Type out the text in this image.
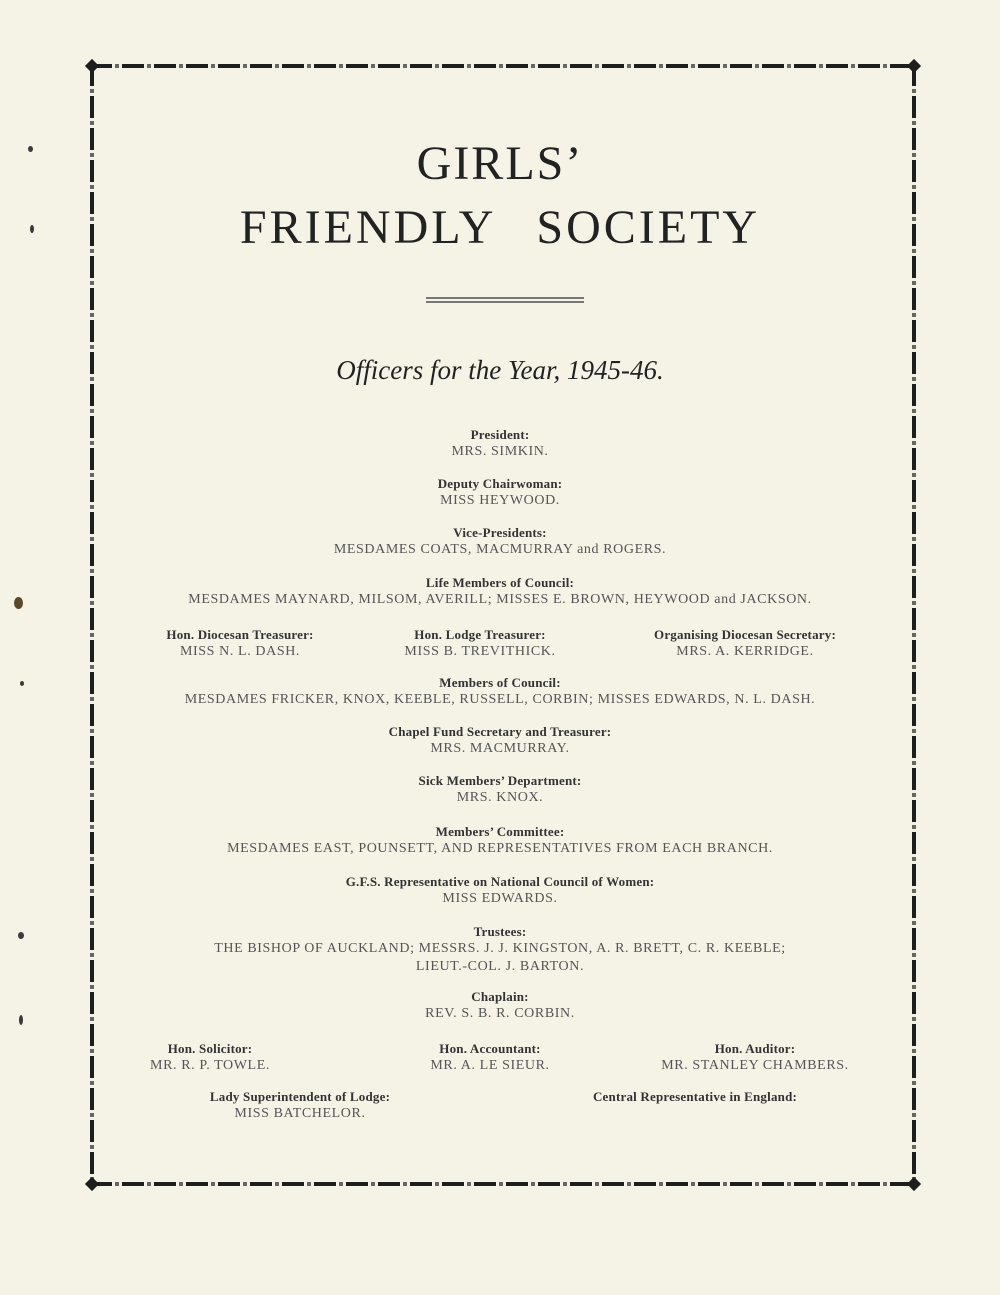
GIRLS’
FRIENDLY SOCIETY
Officers for the Year, 1945-46.
President:
MRS. SIMKIN.
Deputy Chairwoman:
MISS HEYWOOD.
Vice-Presidents:
MESDAMES COATS, MACMURRAY and ROGERS.
Life Members of Council:
MESDAMES MAYNARD, MILSOM, AVERILL; MISSES E. BROWN, HEYWOOD and JACKSON.
Hon. Diocesan Treasurer:
MISS N. L. DASH.
Hon. Lodge Treasurer:
MISS B. TREVITHICK.
Organising Diocesan Secretary:
MRS. A. KERRIDGE.
Members of Council:
MESDAMES FRICKER, KNOX, KEEBLE, RUSSELL, CORBIN; MISSES EDWARDS, N. L. DASH.
Chapel Fund Secretary and Treasurer:
MRS. MACMURRAY.
Sick Members’ Department:
MRS. KNOX.
Members’ Committee:
MESDAMES EAST, POUNSETT, AND REPRESENTATIVES FROM EACH BRANCH.
G.F.S. Representative on National Council of Women:
MISS EDWARDS.
Trustees:
THE BISHOP OF AUCKLAND; MESSRS. J. J. KINGSTON, A. R. BRETT, C. R. KEEBLE;
LIEUT.-COL. J. BARTON.
Chaplain:
REV. S. B. R. CORBIN.
Hon. Solicitor:
MR. R. P. TOWLE.
Hon. Accountant:
MR. A. LE SIEUR.
Hon. Auditor:
MR. STANLEY CHAMBERS.
Lady Superintendent of Lodge:
MISS BATCHELOR.
Central Representative in England:
